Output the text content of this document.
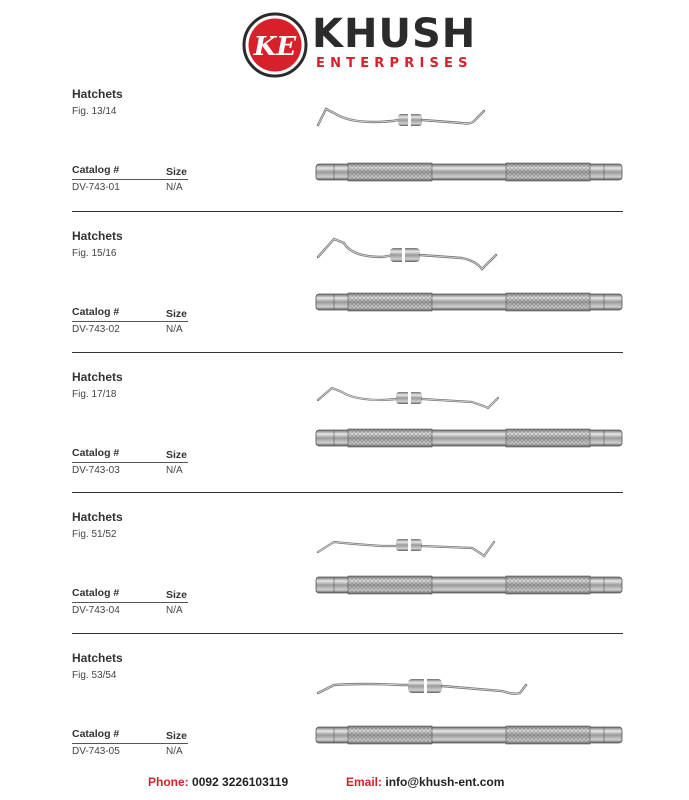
KE KHUSH
ENTERPRISES
Hatchets
Fig. 13/14
Catalog #	Size
DV-743-01	N/A
Hatchets
Fig. 15/16
Catalog #	Size
DV-743-02	N/A
Hatchets
Fig. 17/18
Catalog #	Size
DV-743-03	N/A
Hatchets
Fig. 51/52
Catalog #	Size
DV-743-04	N/A
Hatchets
Fig. 53/54
Catalog #	Size
DV-743-05	N/A
Phone: 0092 3226103119	Email: info@khush-ent.com
